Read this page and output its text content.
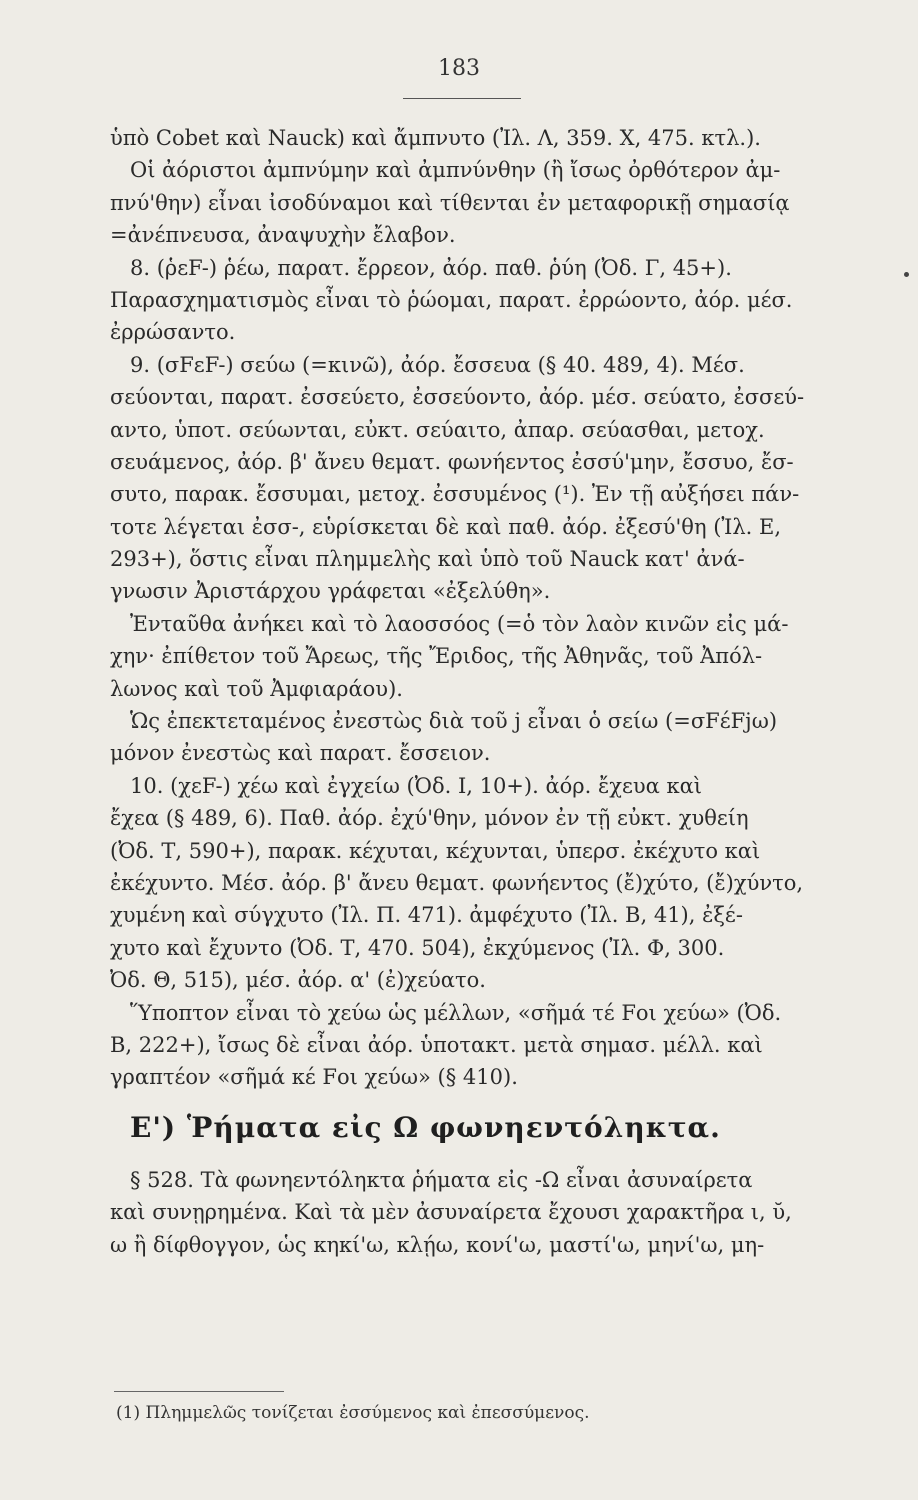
183
ὑπὸ Cobet καὶ Nauck) καὶ ἄμπνυτο (Ἰλ. Λ, 359. Χ, 475. κτλ.).
Οἱ ἀόριστοι ἀμπνύμην καὶ ἀμπνύνθην (ἢ ἴσως ὀρθότερον ἀμ-
πνύ'θην) εἶναι ἰσοδύναμοι καὶ τίθενται ἐν μεταφορικῇ σημασίᾳ
=ἀνέπνευσα, ἀναψυχὴν ἔλαβον.
8. (ῥεF-) ῥέω, παρατ. ἔρρεον, ἀόρ. παθ. ῥύη (Ὀδ. Γ, 45+).
Παρασχηματισμὸς εἶναι τὸ ῥώομαι, παρατ. ἐρρώοντο, ἀόρ. μέσ.
ἐρρώσαντο.
9. (σFεF-) σεύω (=κινῶ), ἀόρ. ἔσσευα (§ 40. 489, 4). Μέσ.
σεύονται, παρατ. ἐσσεύετο, ἐσσεύοντο, ἀόρ. μέσ. σεύατο, ἐσσεύ-
αντο, ὑποτ. σεύωνται, εὐκτ. σεύαιτο, ἀπαρ. σεύασθαι, μετοχ.
σευάμενος, ἀόρ. β' ἄνευ θεματ. φωνήεντος ἐσσύ'μην, ἔσσυο, ἔσ-
συτο, παρακ. ἔσσυμαι, μετοχ. ἐσσυμένος (¹). Ἐν τῇ αὐξήσει πάν-
τοτε λέγεται ἐσσ-, εὑρίσκεται δὲ καὶ παθ. ἀόρ. ἐξεσύ'θη (Ἰλ. Ε,
293+), ὅστις εἶναι πλημμελὴς καὶ ὑπὸ τοῦ Nauck κατ' ἀνά-
γνωσιν Ἀριστάρχου γράφεται «ἐξελύθη».
Ἐνταῦθα ἀνήκει καὶ τὸ λαοσσόος (=ὁ τὸν λαὸν κινῶν εἰς μά-
χην· ἐπίθετον τοῦ Ἄρεως, τῆς Ἔριδος, τῆς Ἀθηνᾶς, τοῦ Ἀπόλ-
λωνος καὶ τοῦ Ἀμφιαράου).
Ὡς ἐπεκτεταμένος ἐνεστὼς διὰ τοῦ j εἶναι ὁ σείω (=σFέFjω)
μόνον ἐνεστὼς καὶ παρατ. ἔσσειον.
10. (χεF-) χέω καὶ ἐγχείω (Ὀδ. Ι, 10+). ἀόρ. ἔχευα καὶ
ἔχεα (§ 489, 6). Παθ. ἀόρ. ἐχύ'θην, μόνον ἐν τῇ εὐκτ. χυθείη
(Ὀδ. Τ, 590+), παρακ. κέχυται, κέχυνται, ὑπερσ. ἐκέχυτο καὶ
ἐκέχυντο. Μέσ. ἀόρ. β' ἄνευ θεματ. φωνήεντος (ἔ)χύτο, (ἔ)χύντο,
χυμένη καὶ σύγχυτο (Ἰλ. Π. 471). ἀμφέχυτο (Ἰλ. Β, 41), ἐξέ-
χυτο καὶ ἔχυντο (Ὀδ. Τ, 470. 504), ἐκχύμενος (Ἰλ. Φ, 300.
Ὀδ. Θ, 515), μέσ. ἀόρ. α' (ἐ)χεύατο.
Ὕποπτον εἶναι τὸ χεύω ὡς μέλλων, «σῆμά τέ Fοι χεύω» (Ὀδ.
Β, 222+), ἴσως δὲ εἶναι ἀόρ. ὑποτακτ. μετὰ σημασ. μέλλ. καὶ
γραπτέον «σῆμά κέ Fοι χεύω» (§ 410).
Ε') Ῥήματα εἰς Ω φωνηεντόληκτα.
§ 528. Τὰ φωνηεντόληκτα ῥήματα εἰς -Ω εἶναι ἀσυναίρετα
καὶ συνῃρημένα. Καὶ τὰ μὲν ἀσυναίρετα ἔχουσι χαρακτῆρα ι, ῠ,
ω ἢ δίφθογγον, ὡς κηκί'ω, κλῄω, κονί'ω, μαστί'ω, μηνί'ω, μη-
(1) Πλημμελῶς τονίζεται ἐσσύμενος καὶ ἐπεσσύμενος.
